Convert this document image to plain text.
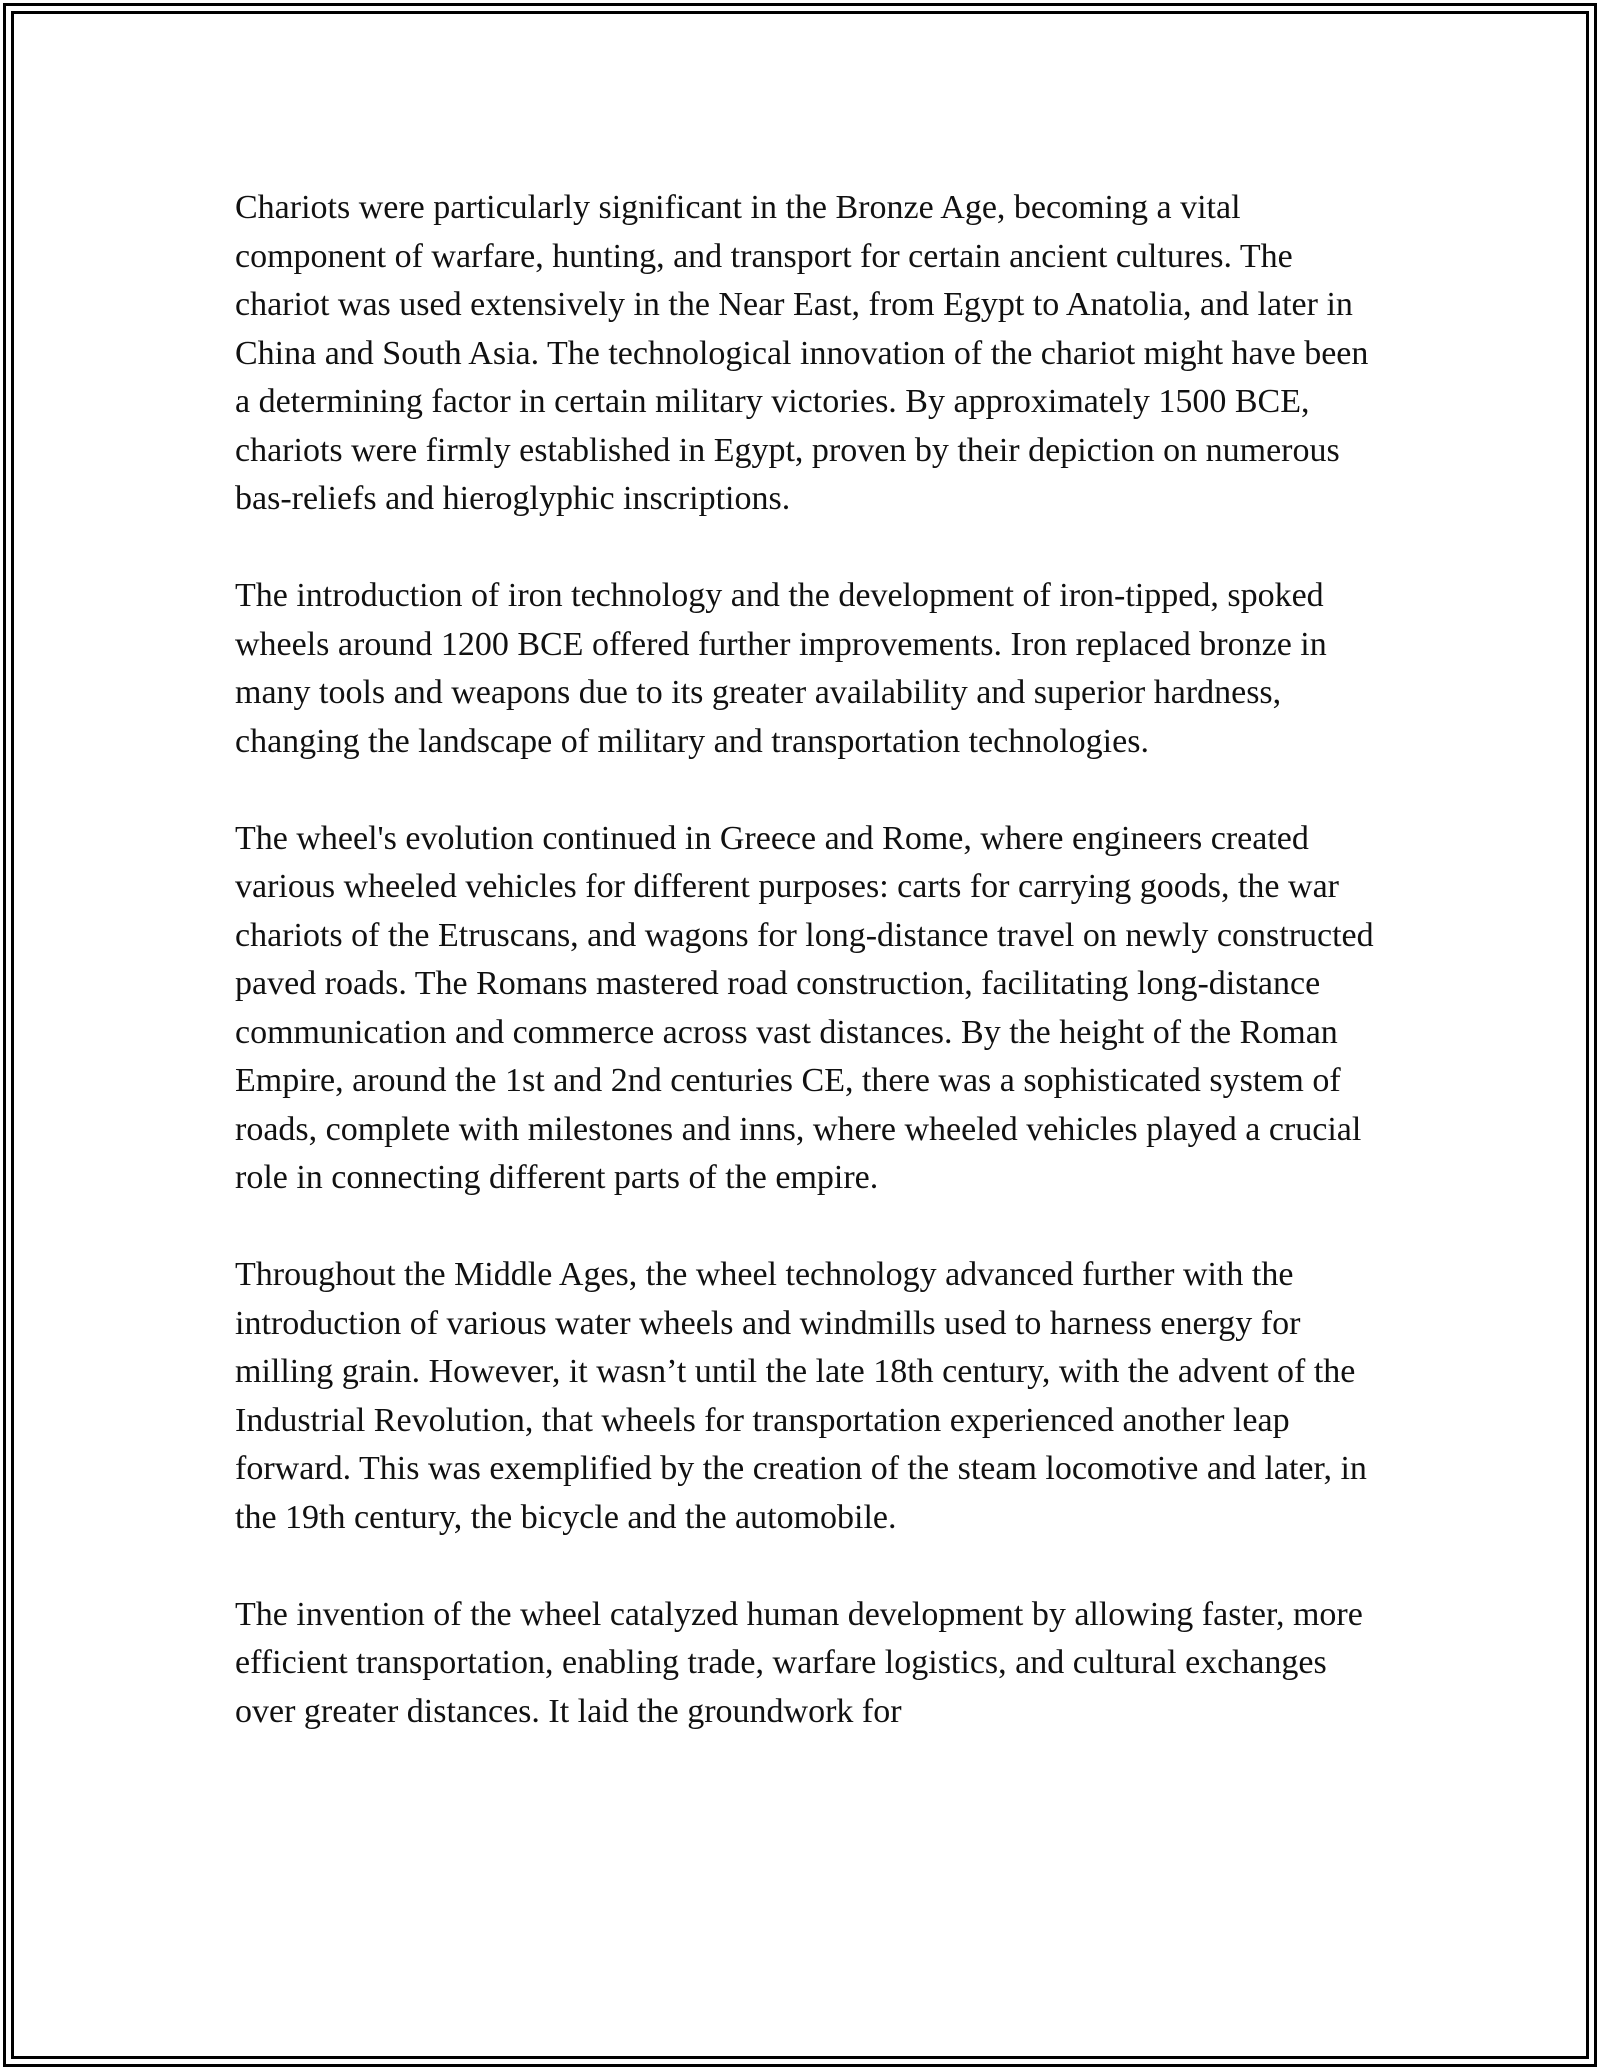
Chariots were particularly significant in the Bronze Age, becoming a vital component of warfare, hunting, and transport for certain ancient cultures. The chariot was used extensively in the Near East, from Egypt to Anatolia, and later in China and South Asia. The technological innovation of the chariot might have been a determining factor in certain military victories. By approximately 1500 BCE, chariots were firmly established in Egypt, proven by their depiction on numerous bas-reliefs and hieroglyphic inscriptions.

The introduction of iron technology and the development of iron-tipped, spoked wheels around 1200 BCE offered further improvements. Iron replaced bronze in many tools and weapons due to its greater availability and superior hardness, changing the landscape of military and transportation technologies.

The wheel's evolution continued in Greece and Rome, where engineers created various wheeled vehicles for different purposes: carts for carrying goods, the war chariots of the Etruscans, and wagons for long-distance travel on newly constructed paved roads. The Romans mastered road construction, facilitating long-distance communication and commerce across vast distances. By the height of the Roman Empire, around the 1st and 2nd centuries CE, there was a sophisticated system of roads, complete with milestones and inns, where wheeled vehicles played a crucial role in connecting different parts of the empire.

Throughout the Middle Ages, the wheel technology advanced further with the introduction of various water wheels and windmills used to harness energy for milling grain. However, it wasn’t until the late 18th century, with the advent of the Industrial Revolution, that wheels for transportation experienced another leap forward. This was exemplified by the creation of the steam locomotive and later, in the 19th century, the bicycle and the automobile.

The invention of the wheel catalyzed human development by allowing faster, more efficient transportation, enabling trade, warfare logistics, and cultural exchanges over greater distances. It laid the groundwork for
